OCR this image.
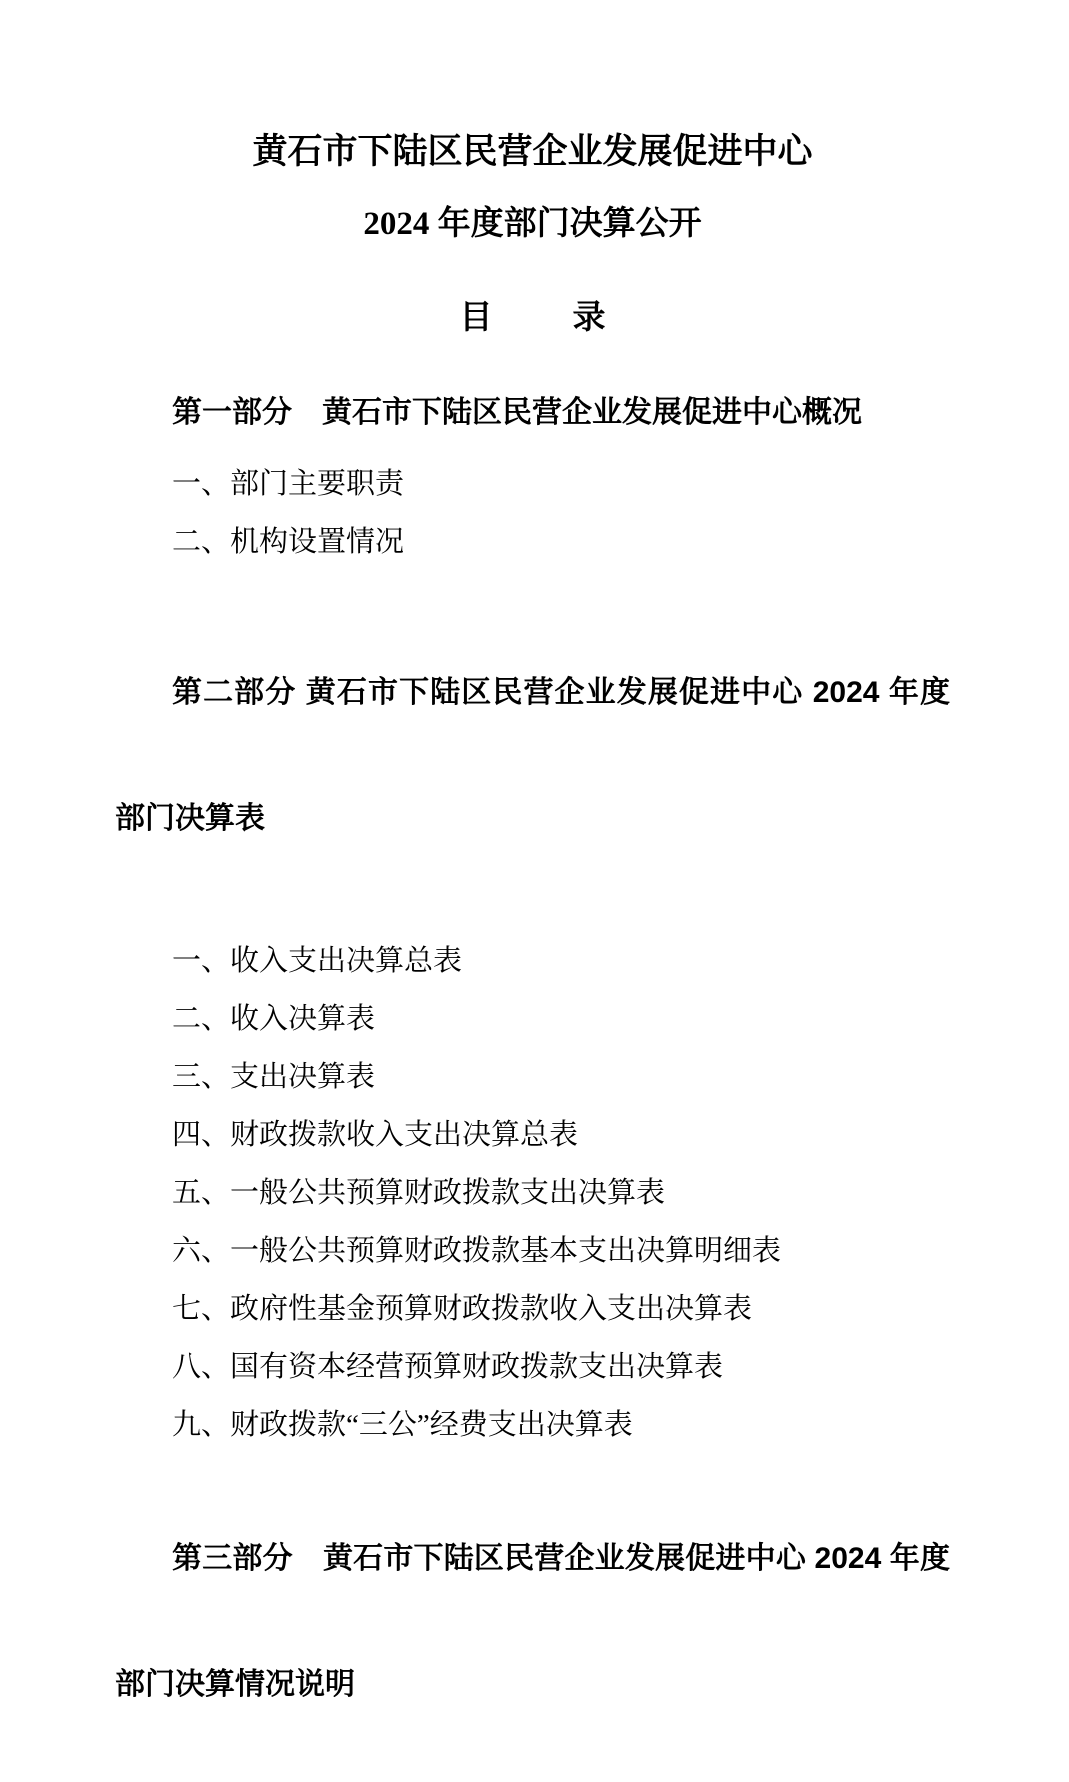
黄石市下陆区民营企业发展促进中心
2024 年度部门决算公开
目 录
第一部分　黄石市下陆区民营企业发展促进中心概况
一、部门主要职责
二、机构设置情况

第二部分 黄石市下陆区民营企业发展促进中心 2024 年度

部门决算表

一、收入支出决算总表
二、收入决算表
三、支出决算表
四、财政拨款收入支出决算总表
五、一般公共预算财政拨款支出决算表
六、一般公共预算财政拨款基本支出决算明细表
七、政府性基金预算财政拨款收入支出决算表
八、国有资本经营预算财政拨款支出决算表
九、财政拨款“三公”经费支出决算表

第三部分　黄石市下陆区民营企业发展促进中心 2024 年度

部门决算情况说明
